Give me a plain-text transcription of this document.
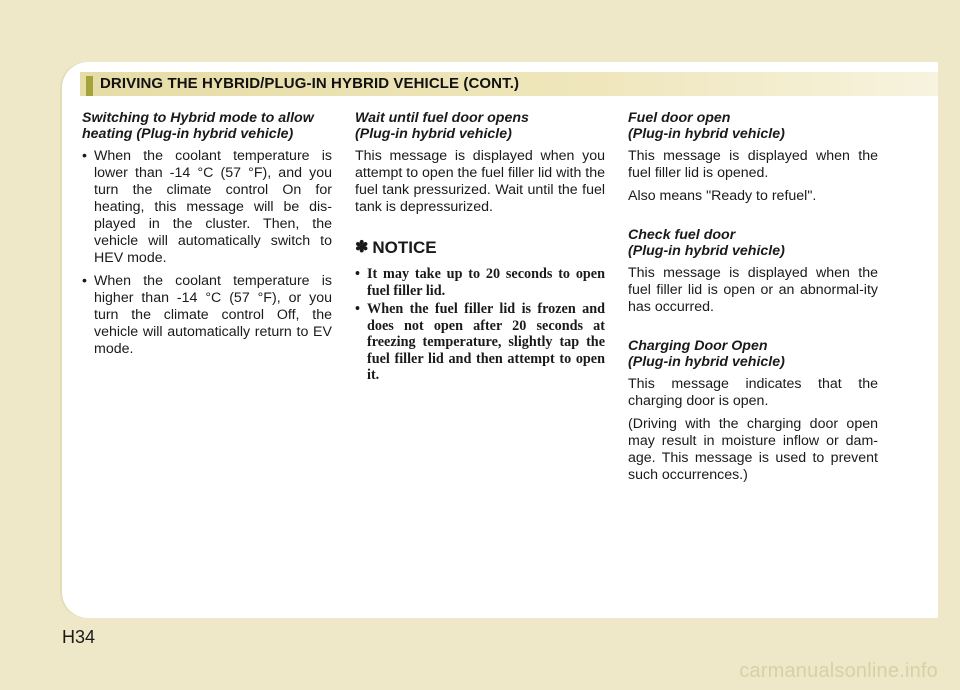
DRIVING THE HYBRID/PLUG-IN HYBRID VEHICLE (CONT.)
Switching to Hybrid mode to allow
heating (Plug-in hybrid vehicle)
• When the coolant temperature is lower than -14 °C (57 °F), and you turn the climate control On for heating, this message will be dis-played in the cluster. Then, the vehicle will automatically switch to HEV mode.
• When the coolant temperature is higher than -14 °C (57 °F), or you turn the climate control Off, the vehicle will automatically return to EV mode.
Wait until fuel door opens
(Plug-in hybrid vehicle)

This message is displayed when you attempt to open the fuel filler lid with the fuel tank pressurized. Wait until the fuel tank is depressurized.

✽ NOTICE
• It may take up to 20 seconds to open fuel filler lid.
• When the fuel filler lid is frozen and does not open after 20 seconds at freezing temperature, slightly tap the fuel filler lid and then attempt to open it.
Fuel door open
(Plug-in hybrid vehicle)

This message is displayed when the fuel filler lid is opened.

Also means "Ready to refuel".

Check fuel door
(Plug-in hybrid vehicle)

This message is displayed when the fuel filler lid is open or an abnormal-ity has occurred.

Charging Door Open
(Plug-in hybrid vehicle)

This message indicates that the charging door is open.

(Driving with the charging door open may result in moisture inflow or dam-age. This message is used to prevent such occurrences.)

H34
carmanualsonline.info
